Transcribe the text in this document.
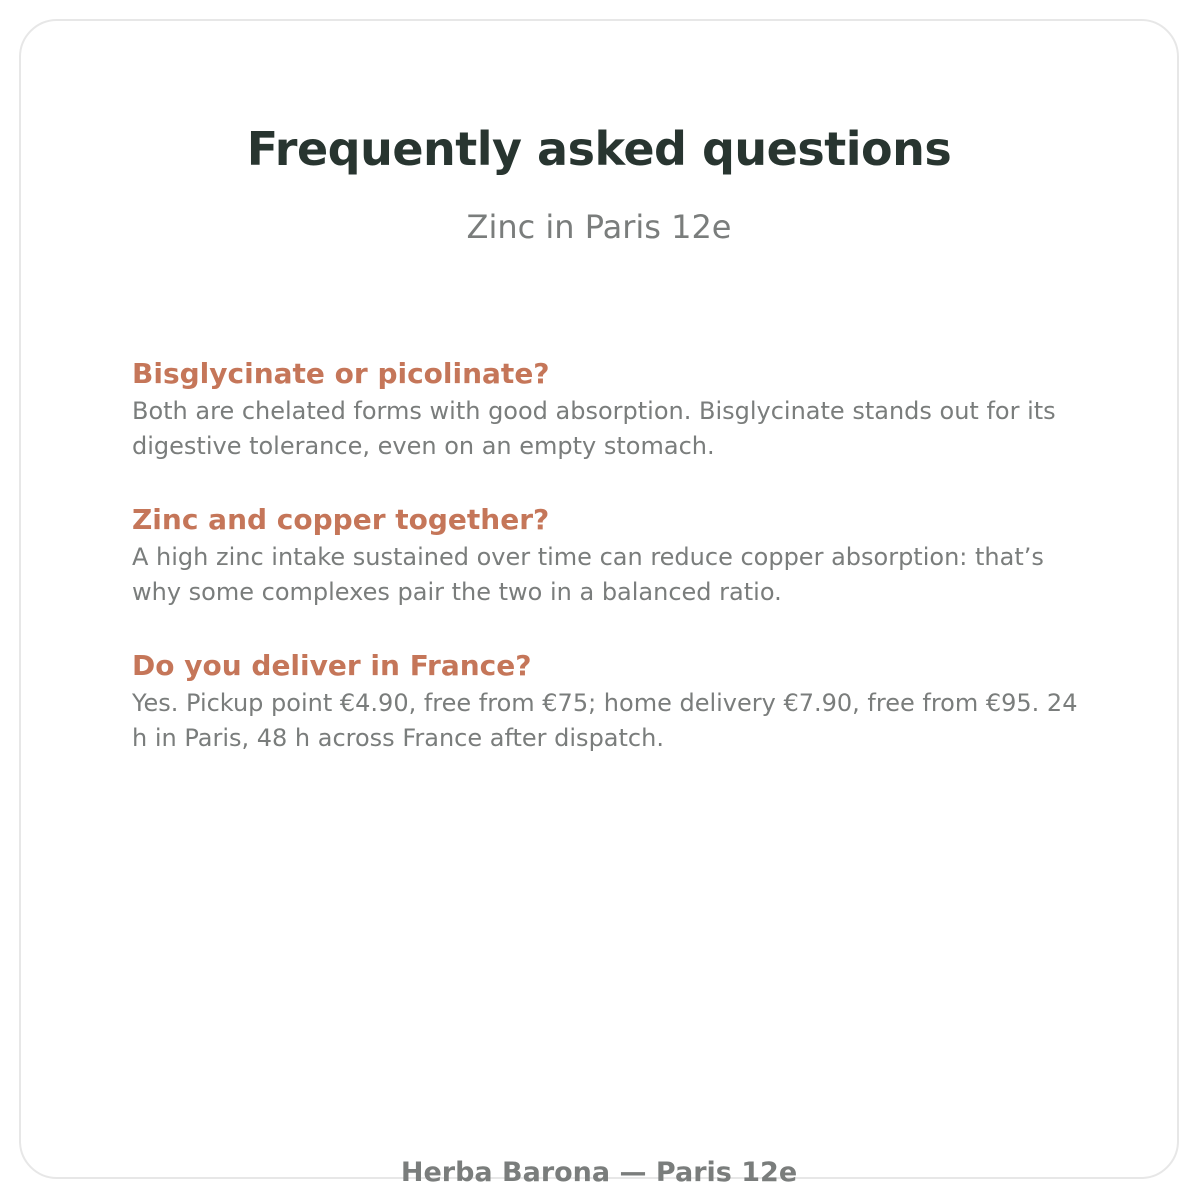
Frequently asked questions

Zinc in Paris 12e

Bisglycinate or picolinate?

Both are chelated forms with good absorption. Bisglycinate stands out for its digestive tolerance, even on an empty stomach.

Zinc and copper together?

A high zinc intake sustained over time can reduce copper absorption: that’s why some complexes pair the two in a balanced ratio.

Do you deliver in France?

Yes. Pickup point €4.90, free from €75; home delivery €7.90, free from €95. 24 h in Paris, 48 h across France after dispatch.

Herba Barona — Paris 12e
